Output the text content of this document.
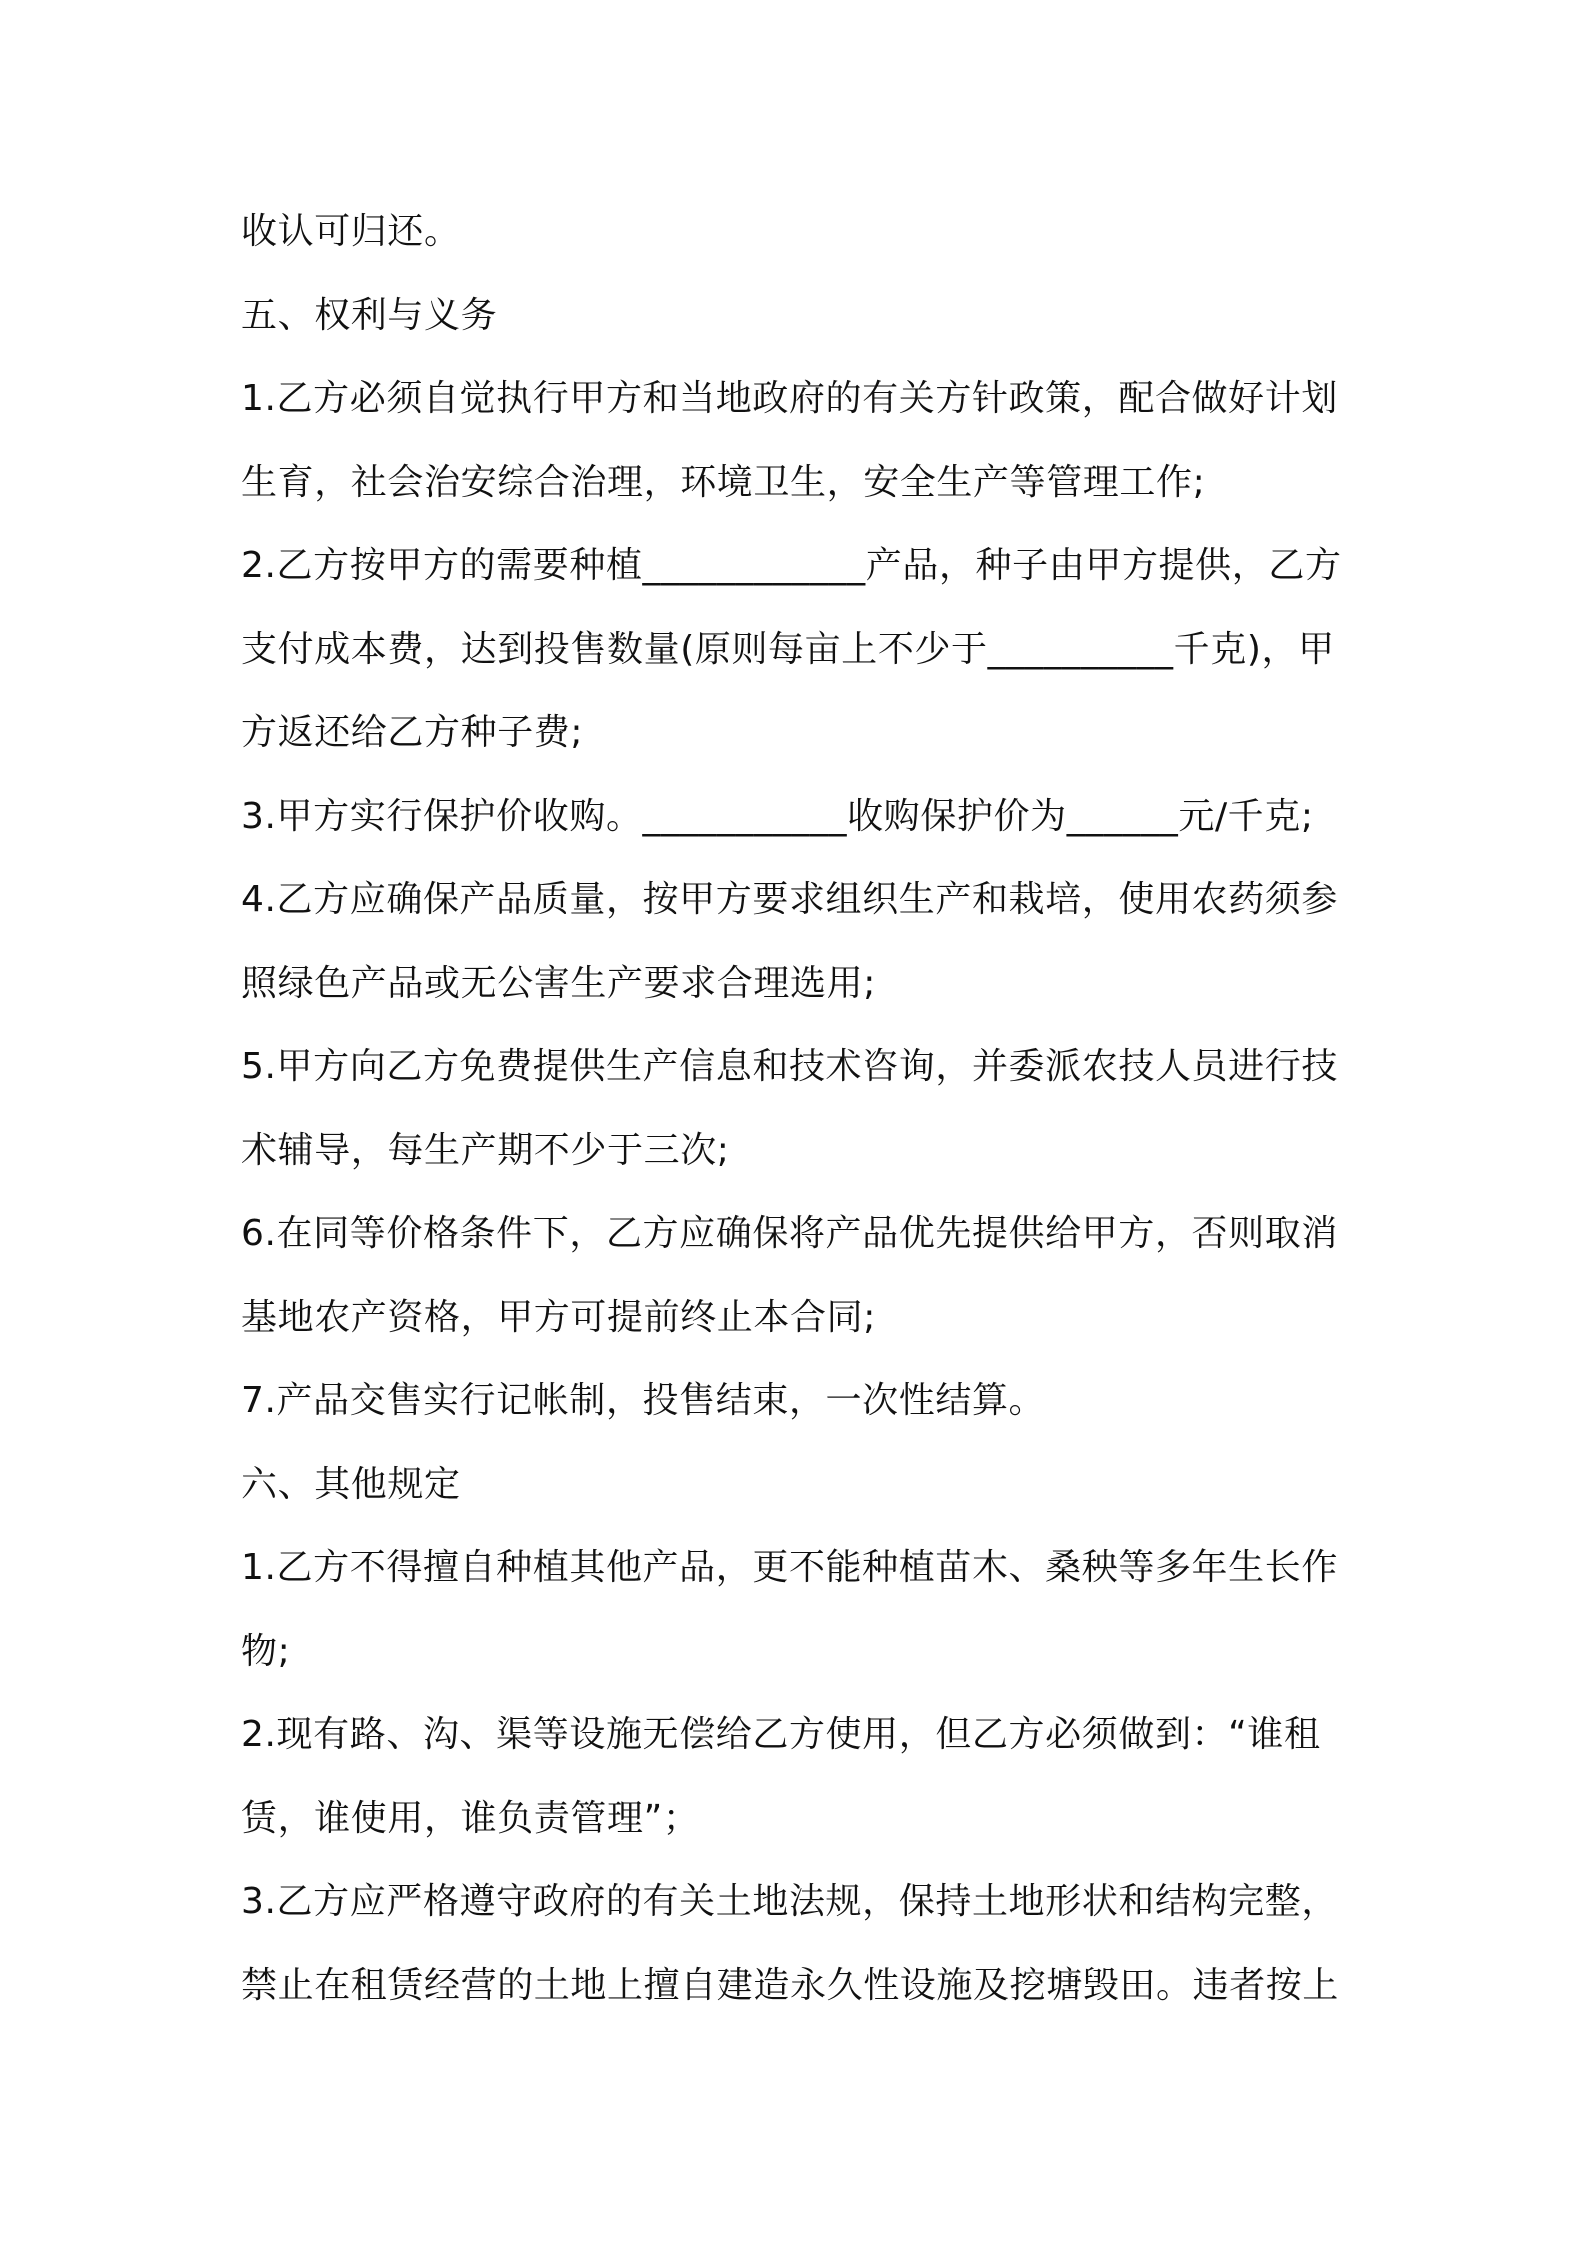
收认可归还。
五、权利与义务
1.乙方必须自觉执行甲方和当地政府的有关方针政策，配合做好计划
生育，社会治安综合治理，环境卫生，安全生产等管理工作;
2.乙方按甲方的需要种植____________产品，种子由甲方提供，乙方
支付成本费，达到投售数量(原则每亩上不少于__________千克)，甲
方返还给乙方种子费;
3.甲方实行保护价收购。___________收购保护价为______元/千克;
4.乙方应确保产品质量，按甲方要求组织生产和栽培，使用农药须参
照绿色产品或无公害生产要求合理选用;
5.甲方向乙方免费提供生产信息和技术咨询，并委派农技人员进行技
术辅导，每生产期不少于三次;
6.在同等价格条件下，乙方应确保将产品优先提供给甲方，否则取消
基地农产资格，甲方可提前终止本合同;
7.产品交售实行记帐制，投售结束，一次性结算。
六、其他规定
1.乙方不得擅自种植其他产品，更不能种植苗木、桑秧等多年生长作
物;
2.现有路、沟、渠等设施无偿给乙方使用，但乙方必须做到：“谁租
赁，谁使用，谁负责管理”；
3.乙方应严格遵守政府的有关土地法规，保持土地形状和结构完整，
禁止在租赁经营的土地上擅自建造永久性设施及挖塘毁田。违者按上
